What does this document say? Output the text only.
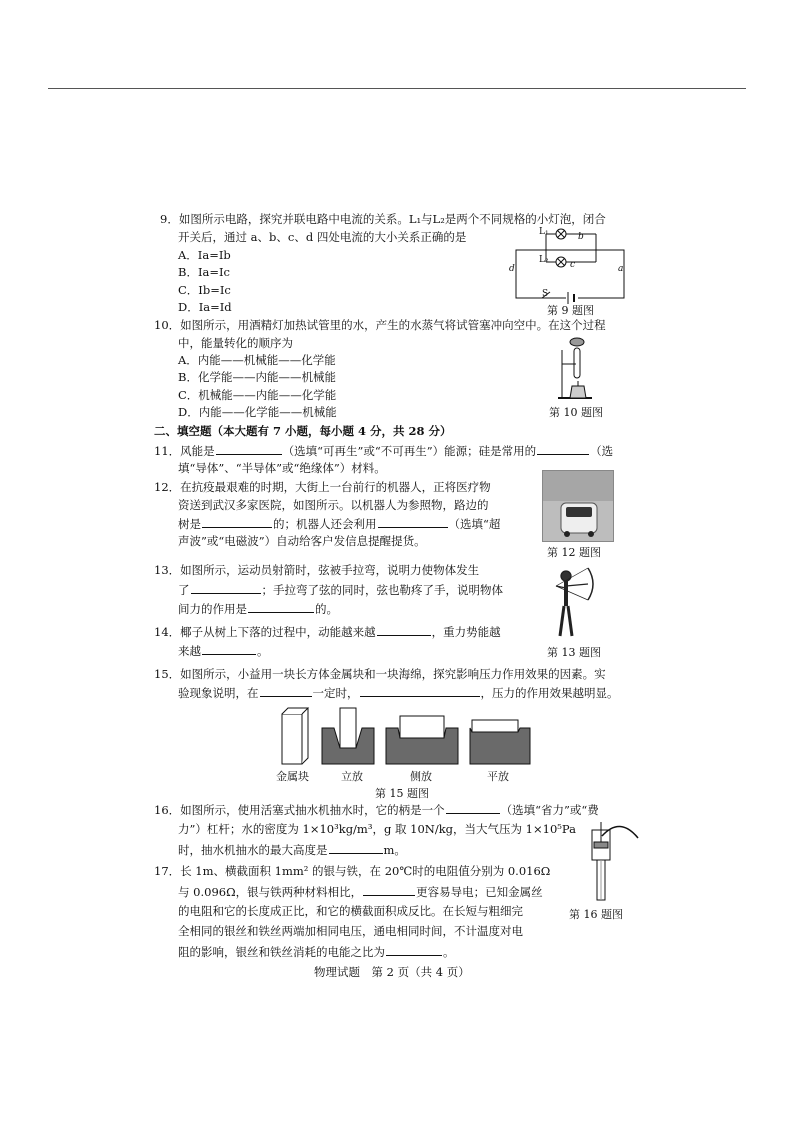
9．如图所示电路，探究并联电路中电流的关系。L₁与L₂是两个不同规格的小灯泡，闭合
开关后，通过 a、b、c、d 四处电流的大小关系正确的是
A．Ia=Ib
B．Ia=Ic
C．Ib=Ic
D．Ia=Id
L₁
L₂
b
c
d	a
S
第 9 题图
10．如图所示，用酒精灯加热试管里的水，产生的水蒸气将试管塞冲向空中。在这个过程
中，能量转化的顺序为
A．内能——机械能——化学能
B．化学能——内能——机械能
C．机械能——内能——化学能
D．内能——化学能——机械能	第 10 题图
二、填空题（本大题有 7 小题，每小题 4 分，共 28 分）
11．风能是	（选填“可再生”或“不可再生”）能源；硅是常用的	（选
填“导体”、“半导体”或“绝缘体”）材料。
12．在抗疫最艰难的时期，大街上一台前行的机器人，正将医疗物
资送到武汉多家医院，如图所示。以机器人为参照物，路边的
树是	的；机器人还会利用	（选填“超
声波”或“电磁波”）自动给客户发信息提醒提货。
第 12 题图
13．如图所示，运动员射箭时，弦被手拉弯，说明力使物体发生
了	；手拉弯了弦的同时，弦也勒疼了手，说明物体
间力的作用是	的。
第 13 题图
14．椰子从树上下落的过程中，动能越来越	，重力势能越
来越	。
15．如图所示，小益用一块长方体金属块和一块海绵，探究影响压力作用效果的因素。实
验现象说明，在	一定时，	，压力的作用效果越明显。
金属块	立放	侧放	平放
第 15 题图
16．如图所示，使用活塞式抽水机抽水时，它的柄是一个	（选填“省力”或“费
力”）杠杆；水的密度为 1×10³kg/m³，g 取 10N/kg，当大气压为 1×10⁵Pa
时，抽水机抽水的最大高度是	m。
第 16 题图
17．长 1m、横截面积 1mm² 的银与铁，在 20℃时的电阻值分别为 0.016Ω
与 0.096Ω，银与铁两种材料相比，	更容易导电；已知金属丝
的电阻和它的长度成正比，和它的横截面积成反比。在长短与粗细完
全相同的银丝和铁丝两端加相同电压，通电相同时间，不计温度对电
阻的影响，银丝和铁丝消耗的电能之比为	。
物理试题　第 2 页（共 4 页）
